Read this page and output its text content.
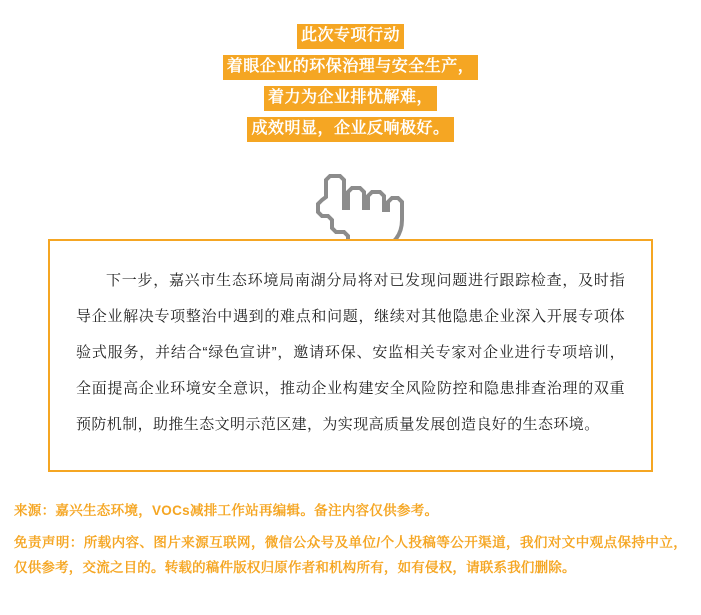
此次专项行动
着眼企业的环保治理与安全生产，
着力为企业排忧解难，
成效明显，企业反响极好。
下一步，嘉兴市生态环境局南湖分局将对已发现问题进行跟踪检查，及时指导企业解决专项整治中遇到的难点和问题，继续对其他隐患企业深入开展专项体验式服务，并结合“绿色宣讲”，邀请环保、安监相关专家对企业进行专项培训，全面提高企业环境安全意识，推动企业构建安全风险防控和隐患排查治理的双重预防机制，助推生态文明示范区建，为实现高质量发展创造良好的生态环境。
来源：嘉兴生态环境，VOCs减排工作站再编辑。备注内容仅供参考。
免责声明：所载内容、图片来源互联网，微信公众号及单位/个人投稿等公开渠道，我们对文中观点保持中立，仅供参考，交流之目的。转载的稿件版权归原作者和机构所有，如有侵权，请联系我们删除。
